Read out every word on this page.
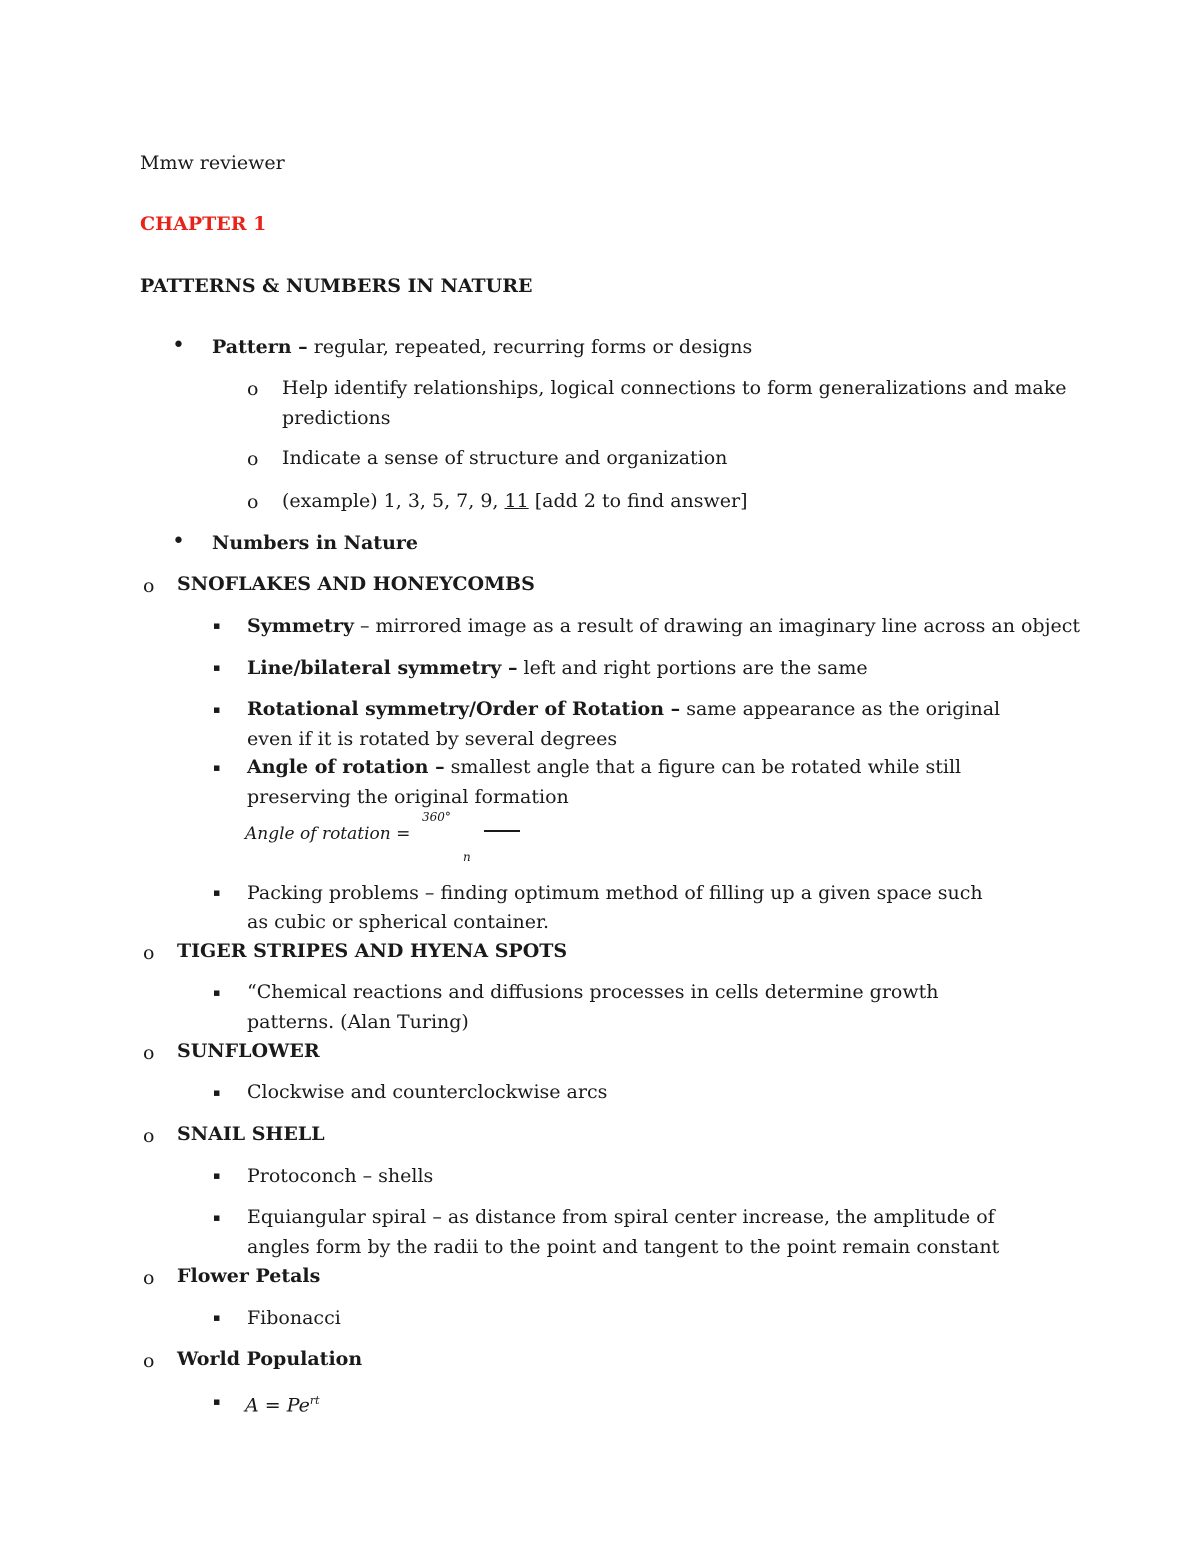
Mmw reviewer
CHAPTER 1
PATTERNS & NUMBERS IN NATURE
• Pattern – regular, repeated, recurring forms or designs
o Help identify relationships, logical connections to form generalizations and make
predictions
o Indicate a sense of structure and organization
o (example) 1, 3, 5, 7, 9, 11 [add 2 to find answer]
• Numbers in Nature
o SNOFLAKES AND HONEYCOMBS
▪ Symmetry – mirrored image as a result of drawing an imaginary line across an object
▪ Line/bilateral symmetry – left and right portions are the same
▪ Rotational symmetry/Order of Rotation – same appearance as the original
even if it is rotated by several degrees
▪ Angle of rotation – smallest angle that a figure can be rotated while still
preserving the original formation
Angle of rotation =
360°
n
▪ Packing problems – finding optimum method of filling up a given space such
as cubic or spherical container.
o TIGER STRIPES AND HYENA SPOTS
▪ “Chemical reactions and diffusions processes in cells determine growth
patterns. (Alan Turing)
o SUNFLOWER
▪ Clockwise and counterclockwise arcs
o SNAIL SHELL
▪ Protoconch – shells
▪ Equiangular spiral – as distance from spiral center increase, the amplitude of
angles form by the radii to the point and tangent to the point remain constant
o Flower Petals
▪ Fibonacci
o World Population
▪ $A = Pe^{rt}$
